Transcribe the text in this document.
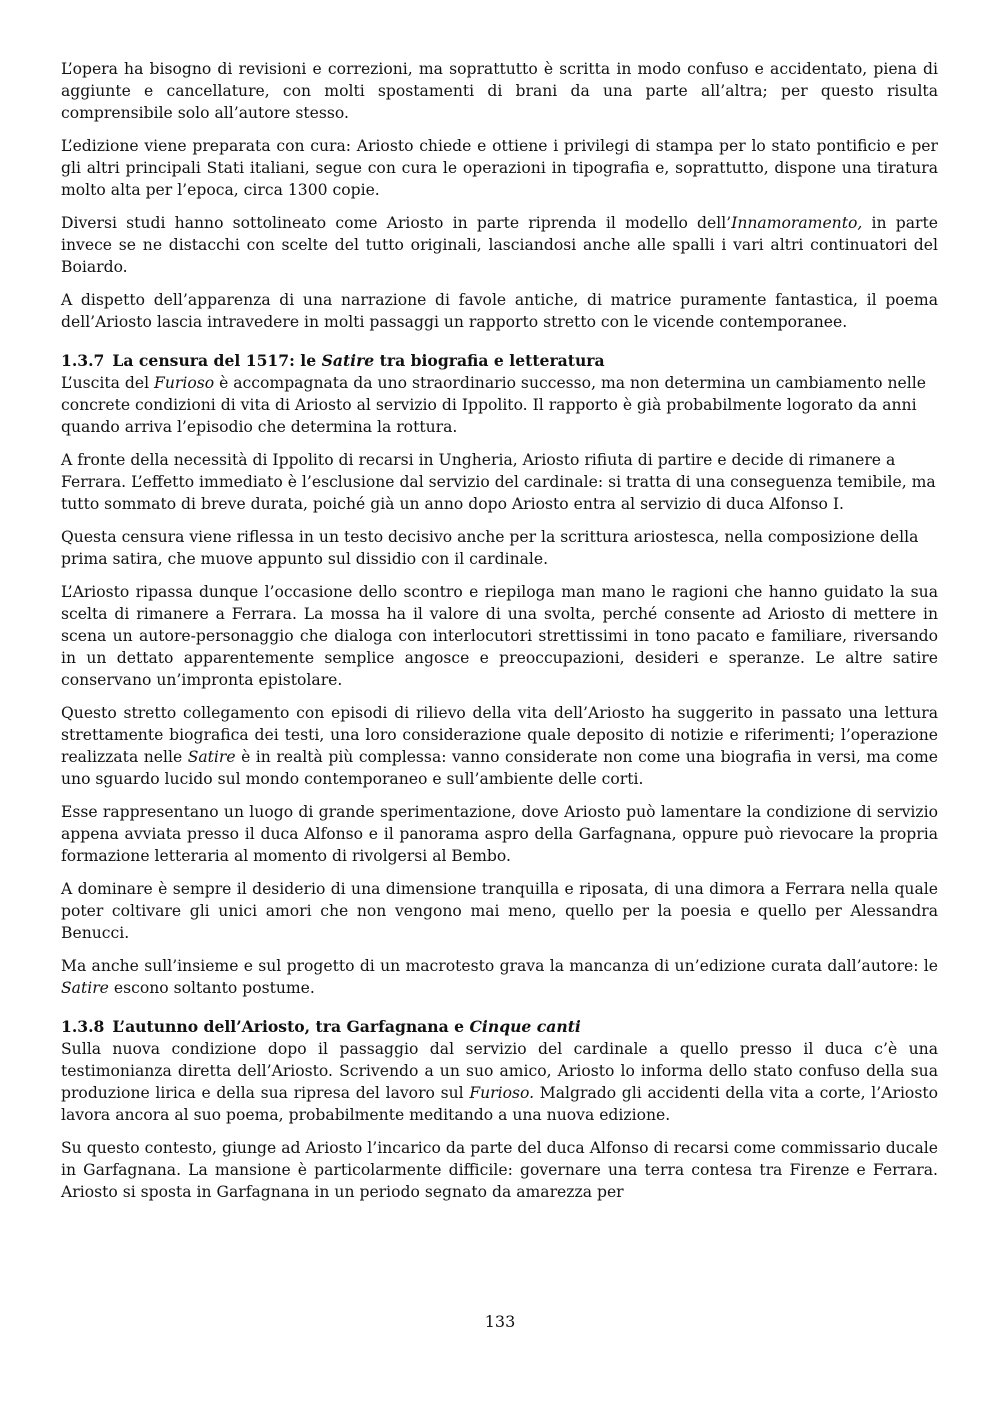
L’opera ha bisogno di revisioni e correzioni, ma soprattutto è scritta in modo confuso e accidentato, piena di aggiunte e cancellature, con molti spostamenti di brani da una parte all’altra; per questo risulta comprensibile solo all’autore stesso.

L’edizione viene preparata con cura: Ariosto chiede e ottiene i privilegi di stampa per lo stato pontificio e per gli altri principali Stati italiani, segue con cura le operazioni in tipografia e, soprattutto, dispone una tiratura molto alta per l’epoca, circa 1300 copie.

Diversi studi hanno sottolineato come Ariosto in parte riprenda il modello dell’Innamoramento, in parte invece se ne distacchi con scelte del tutto originali, lasciandosi anche alle spalli i vari altri continuatori del Boiardo.

A dispetto dell’apparenza di una narrazione di favole antiche, di matrice puramente fantastica, il poema dell’Ariosto lascia intravedere in molti passaggi un rapporto stretto con le vicende contemporanee.

1.3.7 La censura del 1517: le Satire tra biografia e letteratura

L’uscita del Furioso è accompagnata da uno straordinario successo, ma non determina un cambiamento nelle concrete condizioni di vita di Ariosto al servizio di Ippolito. Il rapporto è già probabilmente logorato da anni quando arriva l’episodio che determina la rottura.

A fronte della necessità di Ippolito di recarsi in Ungheria, Ariosto rifiuta di partire e decide di rimanere a Ferrara. L’effetto immediato è l’esclusione dal servizio del cardinale: si tratta di una conseguenza temibile, ma tutto sommato di breve durata, poiché già un anno dopo Ariosto entra al servizio di duca Alfonso I.

Questa censura viene riflessa in un testo decisivo anche per la scrittura ariostesca, nella composizione della prima satira, che muove appunto sul dissidio con il cardinale.

L’Ariosto ripassa dunque l’occasione dello scontro e riepiloga man mano le ragioni che hanno guidato la sua scelta di rimanere a Ferrara. La mossa ha il valore di una svolta, perché consente ad Ariosto di mettere in scena un autore-personaggio che dialoga con interlocutori strettissimi in tono pacato e familiare, riversando in un dettato apparentemente semplice angosce e preoccupazioni, desideri e speranze. Le altre satire conservano un’impronta epistolare.

Questo stretto collegamento con episodi di rilievo della vita dell’Ariosto ha suggerito in passato una lettura strettamente biografica dei testi, una loro considerazione quale deposito di notizie e riferimenti; l’operazione realizzata nelle Satire è in realtà più complessa: vanno considerate non come una biografia in versi, ma come uno sguardo lucido sul mondo contemporaneo e sull’ambiente delle corti.

Esse rappresentano un luogo di grande sperimentazione, dove Ariosto può lamentare la condizione di servizio appena avviata presso il duca Alfonso e il panorama aspro della Garfagnana, oppure può rievocare la propria formazione letteraria al momento di rivolgersi al Bembo.

A dominare è sempre il desiderio di una dimensione tranquilla e riposata, di una dimora a Ferrara nella quale poter coltivare gli unici amori che non vengono mai meno, quello per la poesia e quello per Alessandra Benucci.

Ma anche sull’insieme e sul progetto di un macrotesto grava la mancanza di un’edizione curata dall’autore: le Satire escono soltanto postume.

1.3.8 L’autunno dell’Ariosto, tra Garfagnana e Cinque canti

Sulla nuova condizione dopo il passaggio dal servizio del cardinale a quello presso il duca c’è una testimonianza diretta dell’Ariosto. Scrivendo a un suo amico, Ariosto lo informa dello stato confuso della sua produzione lirica e della sua ripresa del lavoro sul Furioso. Malgrado gli accidenti della vita a corte, l’Ariosto lavora ancora al suo poema, probabilmente meditando a una nuova edizione.

Su questo contesto, giunge ad Ariosto l’incarico da parte del duca Alfonso di recarsi come commissario ducale in Garfagnana. La mansione è particolarmente difficile: governare una terra contesa tra Firenze e Ferrara. Ariosto si sposta in Garfagnana in un periodo segnato da amarezza per

133
